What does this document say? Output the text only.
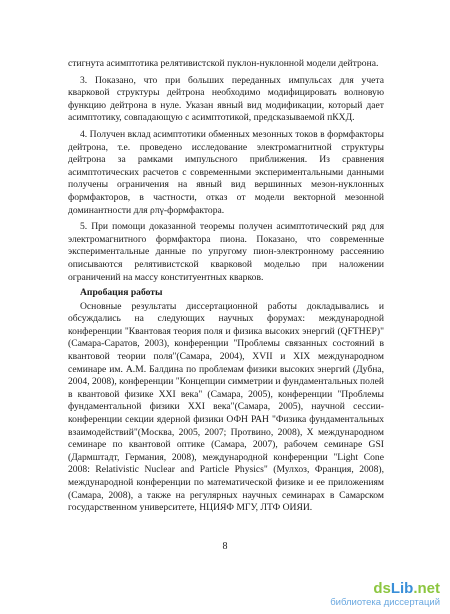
стигнута асимптотика релятивистской пуклон-нуклонной модели дейтрона.

3. Показано, что при больших переданных импульсах для учета кварковой структуры дейтрона необходимо модифицировать волновую функцию дейтрона в нуле. Указан явный вид модификации, который дает асимптотику, совпадающую с асимптотикой, предсказываемой пКХД.

4. Получен вклад асимптотики обменных мезонных токов в формфакторы дейтрона, т.е. проведено исследование электромагнитной структуры дейтрона за рамками импульсного приближения. Из сравнения асимптотических расчетов с современными экспериментальными данными получены ограничения на явный вид вершинных мезон-нуклонных формфакторов, в частности, отказ от модели векторной мезонной доминантности для ρπγ-формфактора.

5. При помощи доказанной теоремы получен асимптотический ряд для электромагнитного формфактора пиона. Показано, что современные экспериментальные данные по упругому пион-электронному рассеянию описываются релятивистской кварковой моделью при наложении ограничений на массу конституентных кварков.

Апробация работы

Основные результаты диссертационной работы докладывались и обсуждались на следующих научных форумах: международной конференции "Квантовая теория поля и физика высоких энергий (QFTHEP)" (Самара-Саратов, 2003), конференции "Проблемы связанных состояний в квантовой теории поля"(Самара, 2004), XVII и XIX международном семинаре им. А.М. Балдина по проблемам физики высоких энергий (Дубна, 2004, 2008), конференции "Концепции симметрии и фундаментальных полей в квантовой физике XXI века" (Самара, 2005), конференции "Проблемы фундаментальной физики XXI века"(Самара, 2005), научной сессии-конференции секции ядерной физики ОФН РАН "Физика фундаментальных взаимодействий"(Москва, 2005, 2007; Протвино, 2008), X международном семинаре по квантовой оптике (Самара, 2007), рабочем семинаре GSI (Дармштадт, Германия, 2008), международной конференции "Light Cone 2008: Relativistic Nuclear and Particle Physics" (Мулхоз, Франция, 2008), международной конференции по математической физике и ее приложениям (Самара, 2008), а также на регулярных научных семинарах в Самарском государственном университете, НЦИЯФ МГУ, ЛТФ ОИЯИ.

8
dsLib.net
библиотека диссертаций
